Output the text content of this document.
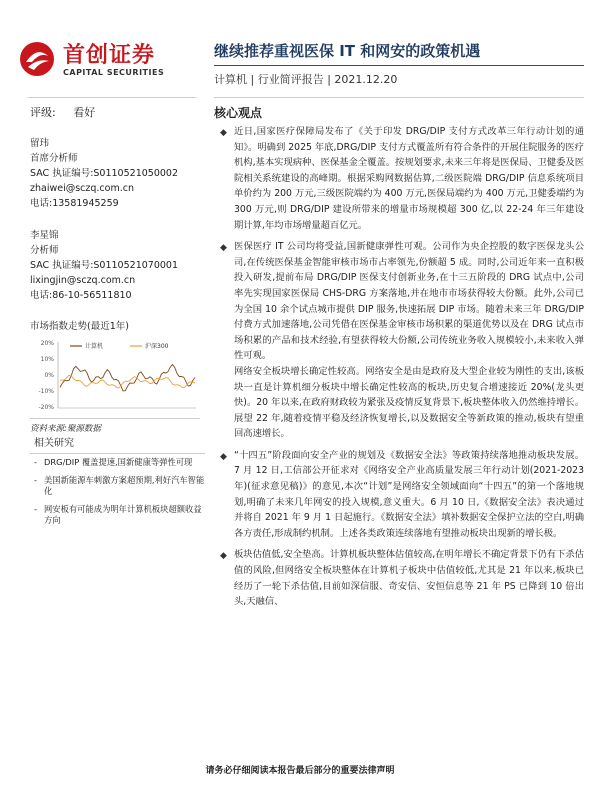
首创证券
CAPITAL SECURITIES
继续推荐重视医保 IT 和网安的政策机遇
计算机 | 行业简评报告 | 2021.12.20
评级: 看好	核心观点
留玮
首席分析师
SAC 执证编号:S0110521050002
zhaiwei@sczq.com.cn
电话:13581945259
李星锦
分析师
SAC 执证编号:S0110521070001
lixingjin@sczq.com.cn
电话:86-10-56511810
市场指数走势(最近1年)
20%
10%
0%
-10%
-20%
计算机	沪深300
资料来源:聚源数据
相关研究
- DRG/DIP 覆盖提速,国新健康等弹性可现
- 美国新能源车刺激方案超预期,利好汽车智能化
- 网安板有可能成为明年计算机板块超额收益方向
◆ 近日,国家医疗保障局发布了《关于印发 DRG/DIP 支付方式改革三年行动计划的通知》。明确到 2025 年底,DRG/DIP 支付方式覆盖所有符合条件的开展住院服务的医疗机构,基本实现病种、医保基金全覆盖。按规划要求,未来三年将是医保局、卫健委及医院相关系统建设的高峰期。根据采购网数据估算,二级医院端 DRG/DIP 信息系统项目单价约为 200 万元,三级医院端约为 400 万元,医保局端约为 400 万元,卫健委端约为 300 万元,则 DRG/DIP 建设所带来的增量市场规模超 300 亿,以 22-24 年三年建设期计算,年均市场增量超百亿元。
◆ 医保医疗 IT 公司均将受益,国新健康弹性可观。公司作为央企控股的数字医保龙头公司,在传统医保基金智能审核市场市占率领先,份额超 5 成。同时,公司近年来一直积极投入研发,提前布局 DRG/DIP 医保支付创新业务,在十三五阶段的 DRG 试点中,公司率先实现国家医保局 CHS-DRG 方案落地,并在地市市场获得较大份额。此外,公司已为全国 10 余个试点城市提供 DIP 服务,快速拓展 DIP 市场。随着未来三年 DRG/DIP 付费方式加速落地,公司凭借在医保基金审核市场积累的渠道优势以及在 DRG 试点市场积累的产品和技术经验,有望获得较大份额,公司传统业务收入规模较小,未来收入弹性可观。
网络安全板块增长确定性较高。网络安全是由是政府及大型企业较为刚性的支出,该板块一直是计算机细分板块中增长确定性较高的板块,历史复合增速接近 20%(龙头更快)。20 年以来,在政府财政较为紧张及疫情反复背景下,板块整体收入仍然维持增长。展望 22 年,随着疫情平稳及经济恢复增长,以及数据安全等新政策的推动,板块有望重回高速增长。
◆ “十四五”阶段面向安全产业的规划及《数据安全法》等政策持续落地推动板块发展。7 月 12 日,工信部公开征求对《网络安全产业高质量发展三年行动计划(2021-2023 年)(征求意见稿)》的意见,本次“计划”是网络安全领域面向“十四五”的第一个落地规划,明确了未来几年网安的投入规模,意义重大。6 月 10 日,《数据安全法》表决通过并将自 2021 年 9 月 1 日起施行。《数据安全法》填补数据安全保护立法的空白,明确各方责任,形成制约机制。上述各类政策连续落地有望推动板块出现新的增长极。
◆ 板块估值低,安全垫高。计算机板块整体估值较高,在明年增长不确定背景下仍有下杀估值的风险,但网络安全板块整体在计算机子板块中估值较低,尤其是 21 年以来,板块已经历了一轮下杀估值,目前如深信服、奇安信、安恒信息等 21 年 PS 已降到 10 倍出头,天融信、
请务必仔细阅读本报告最后部分的重要法律声明
